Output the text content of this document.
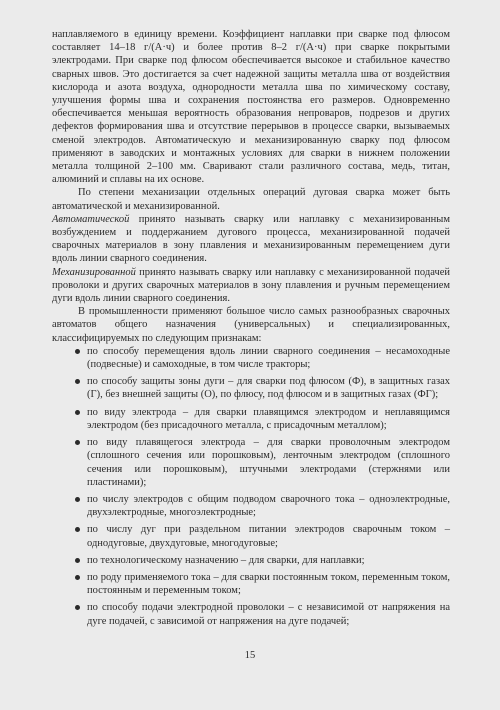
наплавляемого в единицу времени. Коэффициент наплавки при сварке под флюсом составляет 14–18 г/(А·ч) и более против 8–2 г/(А·ч) при сварке покрытыми электродами. При сварке под флюсом обеспечивается высокое и стабильное качество сварных швов. Это достигается за счет надежной защиты металла шва от воздействия кислорода и азота воздуха, однородности металла шва по химическому составу, улучшения формы шва и сохранения постоянства его размеров. Одновременно обеспечивается меньшая вероятность образования непроваров, подрезов и других дефектов формирования шва и отсутствие перерывов в процессе сварки, вызываемых сменой электродов. Автоматическую и механизированную сварку под флюсом применяют в заводских и монтажных условиях для сварки в нижнем положении металла толщиной 2–100 мм. Сваривают стали различного состава, медь, титан, алюминий и сплавы на их основе.

По степени механизации отдельных операций дуговая сварка может быть автоматической и механизированной.

Автоматической принято называть сварку или наплавку с механизированным возбуждением и поддержанием дугового процесса, механизированной подачей сварочных материалов в зону плавления и механизированным перемещением дуги вдоль линии сварного соединения.

Механизированной принято называть сварку или наплавку с механизированной подачей проволоки и других сварочных материалов в зону плавления и ручным перемещением дуги вдоль линии сварного соединения.

В промышленности применяют большое число самых разнообразных сварочных автоматов общего назначения (универсальных) и специализированных, классифицируемых по следующим признакам:

по способу перемещения вдоль линии сварного соединения – несамоходные (подвесные) и самоходные, в том числе тракторы;
по способу защиты зоны дуги – для сварки под флюсом (Ф), в защитных газах (Г), без внешней защиты (О), по флюсу, под флюсом и в защитных газах (ФГ);
по виду электрода – для сварки плавящимся электродом и неплавящимся электродом (без присадочного металла, с присадочным металлом);
по виду плавящегося электрода – для сварки проволочным электродом (сплошного сечения или порошковым), ленточным электродом (сплошного сечения или порошковым), штучными электродами (стержнями или пластинами);
по числу электродов с общим подводом сварочного тока – одноэлектродные, двухэлектродные, многоэлектродные;
по числу дуг при раздельном питании электродов сварочным током – однодуговые, двухдуговые, многодуговые;
по технологическому назначению – для сварки, для наплавки;
по роду применяемого тока – для сварки постоянным током, переменным током, постоянным и переменным током;
по способу подачи электродной проволоки – с независимой от напряжения на дуге подачей, с зависимой от напряжения на дуге подачей;
15
